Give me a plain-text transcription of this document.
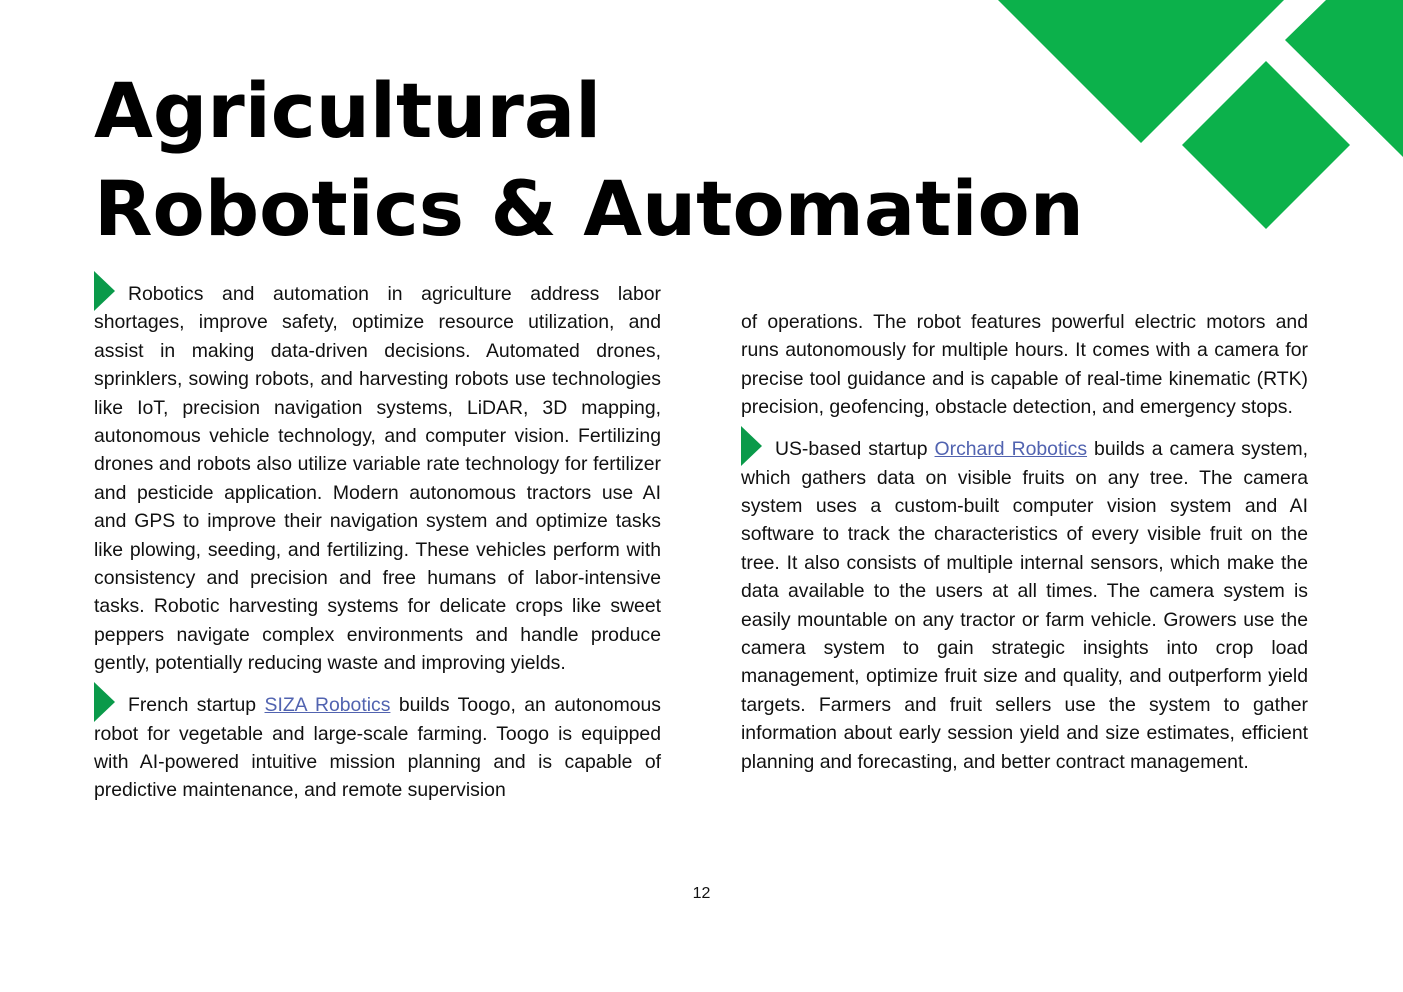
Agricultural
Robotics & Automation

Robotics and automation in agriculture address labor shortages, improve safety, optimize resource utilization, and assist in making data-driven decisions. Automated drones, sprinklers, sowing robots, and harvesting robots use technologies like IoT, precision navigation systems, LiDAR, 3D mapping, autonomous vehicle technology, and computer vision. Fertilizing drones and robots also utilize variable rate technology for fertilizer and pesticide application. Modern autonomous tractors use AI and GPS to improve their navigation system and optimize tasks like plowing, seeding, and fertilizing. These vehicles perform with consistency and precision and free humans of labor-intensive tasks. Robotic harvesting systems for delicate crops like sweet peppers navigate complex environments and handle produce gently, potentially reducing waste and improving yields.

French startup SIZA Robotics builds Toogo, an autonomous robot for vegetable and large-scale farming. Toogo is equipped with AI-powered intuitive mission planning and is capable of predictive maintenance, and remote supervision

of operations. The robot features powerful electric motors and runs autonomously for multiple hours. It comes with a camera for precise tool guidance and is capable of real-time kinematic (RTK) precision, geofencing, obstacle detection, and emergency stops.

US-based startup Orchard Robotics builds a camera system, which gathers data on visible fruits on any tree. The camera system uses a custom-built computer vision system and AI software to track the characteristics of every visible fruit on the tree. It also consists of multiple internal sensors, which make the data available to the users at all times. The camera system is easily mountable on any tractor or farm vehicle. Growers use the camera system to gain strategic insights into crop load management, optimize fruit size and quality, and outperform yield targets. Farmers and fruit sellers use the system to gather information about early session yield and size estimates, efficient planning and forecasting, and better contract management.

12
